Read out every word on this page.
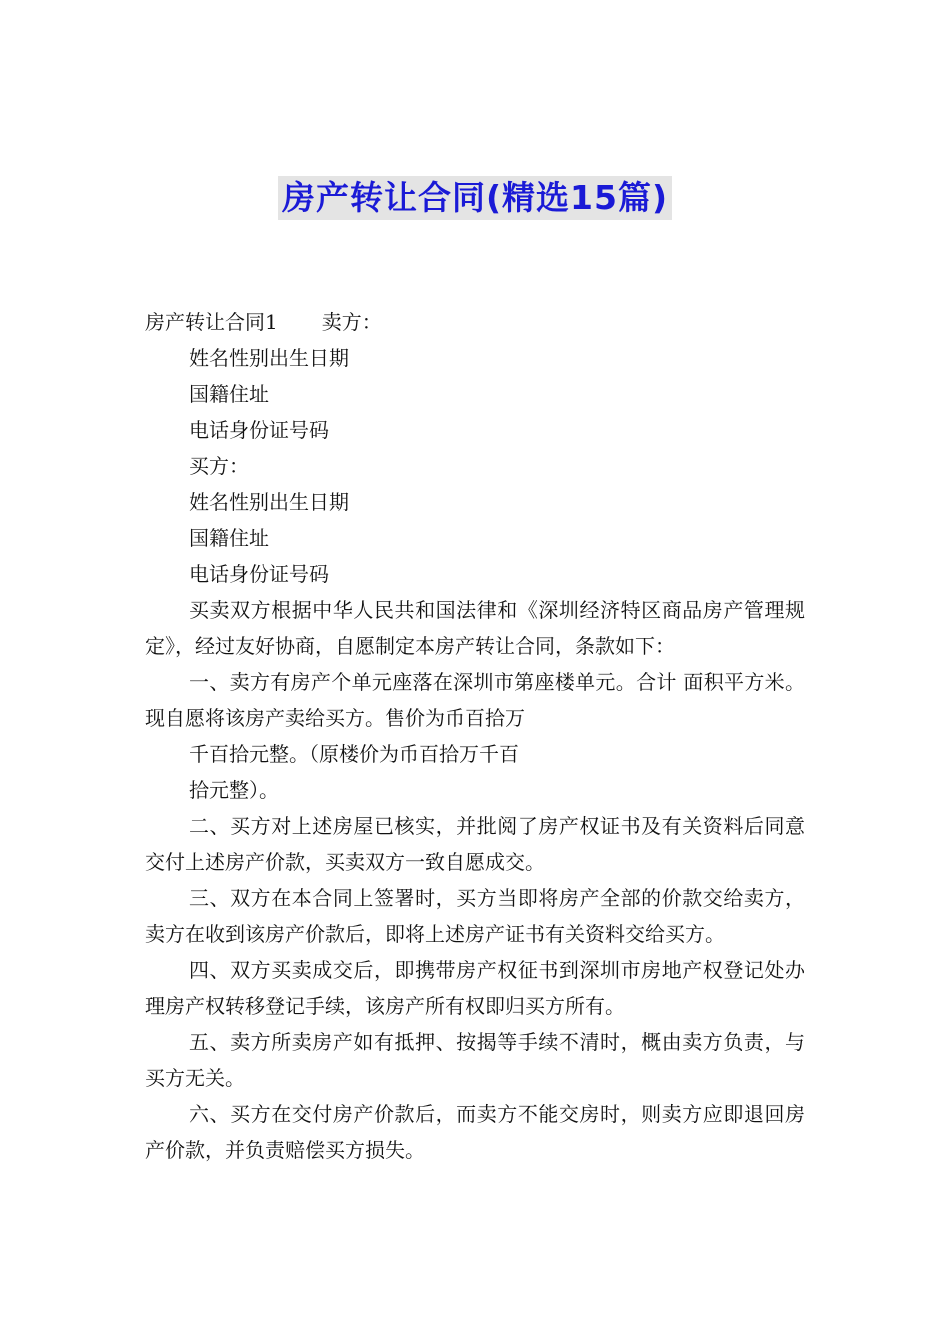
房产转让合同(精选15篇)
房产转让合同1 卖方：
姓名性别出生日期
国籍住址
电话身份证号码
买方：
姓名性别出生日期
国籍住址
电话身份证号码
买卖双方根据中华人民共和国法律和《深圳经济特区商品房产管理规定》，经过友好协商，自愿制定本房产转让合同，条款如下：
一、卖方有房产个单元座落在深圳市第座楼单元。合计 面积平方米。现自愿将该房产卖给买方。售价为币百拾万
千百拾元整。（原楼价为币百拾万千百
拾元整）。
二、买方对上述房屋已核实，并批阅了房产权证书及有关资料后同意交付上述房产价款，买卖双方一致自愿成交。
三、双方在本合同上签署时，买方当即将房产全部的价款交给卖方，卖方在收到该房产价款后，即将上述房产证书有关资料交给买方。
四、双方买卖成交后，即携带房产权征书到深圳市房地产权登记处办理房产权转移登记手续，该房产所有权即归买方所有。
五、卖方所卖房产如有抵押、按揭等手续不清时，概由卖方负责，与买方无关。
六、买方在交付房产价款后，而卖方不能交房时，则卖方应即退回房产价款，并负责赔偿买方损失。
